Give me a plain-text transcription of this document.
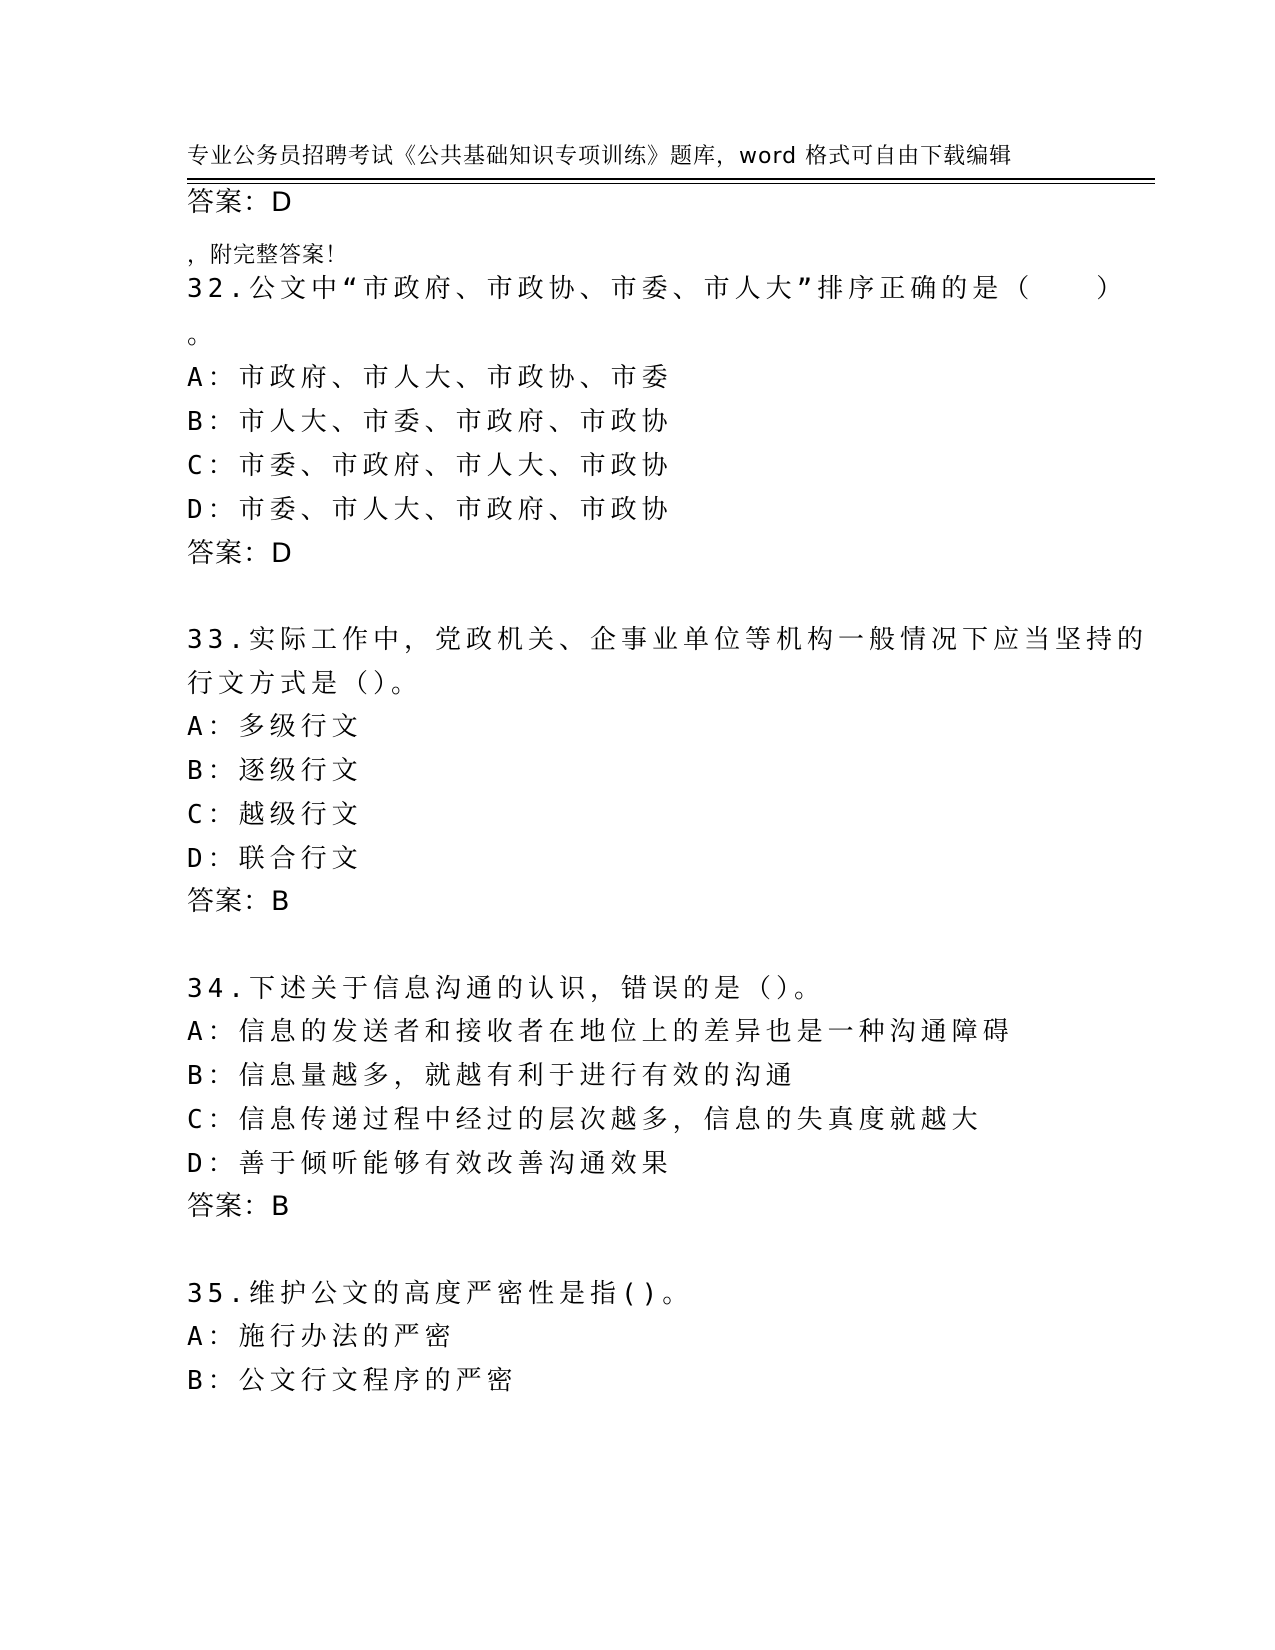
专业公务员招聘考试《公共基础知识专项训练》题库，word 格式可自由下载编辑

，附完整答案！

答案：D
32.公文中“市政府、市政协、市委、市人大”排序正确的是（　　）
。
A：市政府、市人大、市政协、市委
B：市人大、市委、市政府、市政协
C：市委、市政府、市人大、市政协
D：市委、市人大、市政府、市政协
答案：D
33.实际工作中，党政机关、企事业单位等机构一般情况下应当坚持的
行文方式是（）。
A：多级行文
B：逐级行文
C：越级行文
D：联合行文
答案：B
34.下述关于信息沟通的认识，错误的是（）。
A：信息的发送者和接收者在地位上的差异也是一种沟通障碍
B：信息量越多，就越有利于进行有效的沟通
C：信息传递过程中经过的层次越多，信息的失真度就越大
D：善于倾听能够有效改善沟通效果
答案：B
35.维护公文的高度严密性是指()。
A：施行办法的严密
B：公文行文程序的严密
